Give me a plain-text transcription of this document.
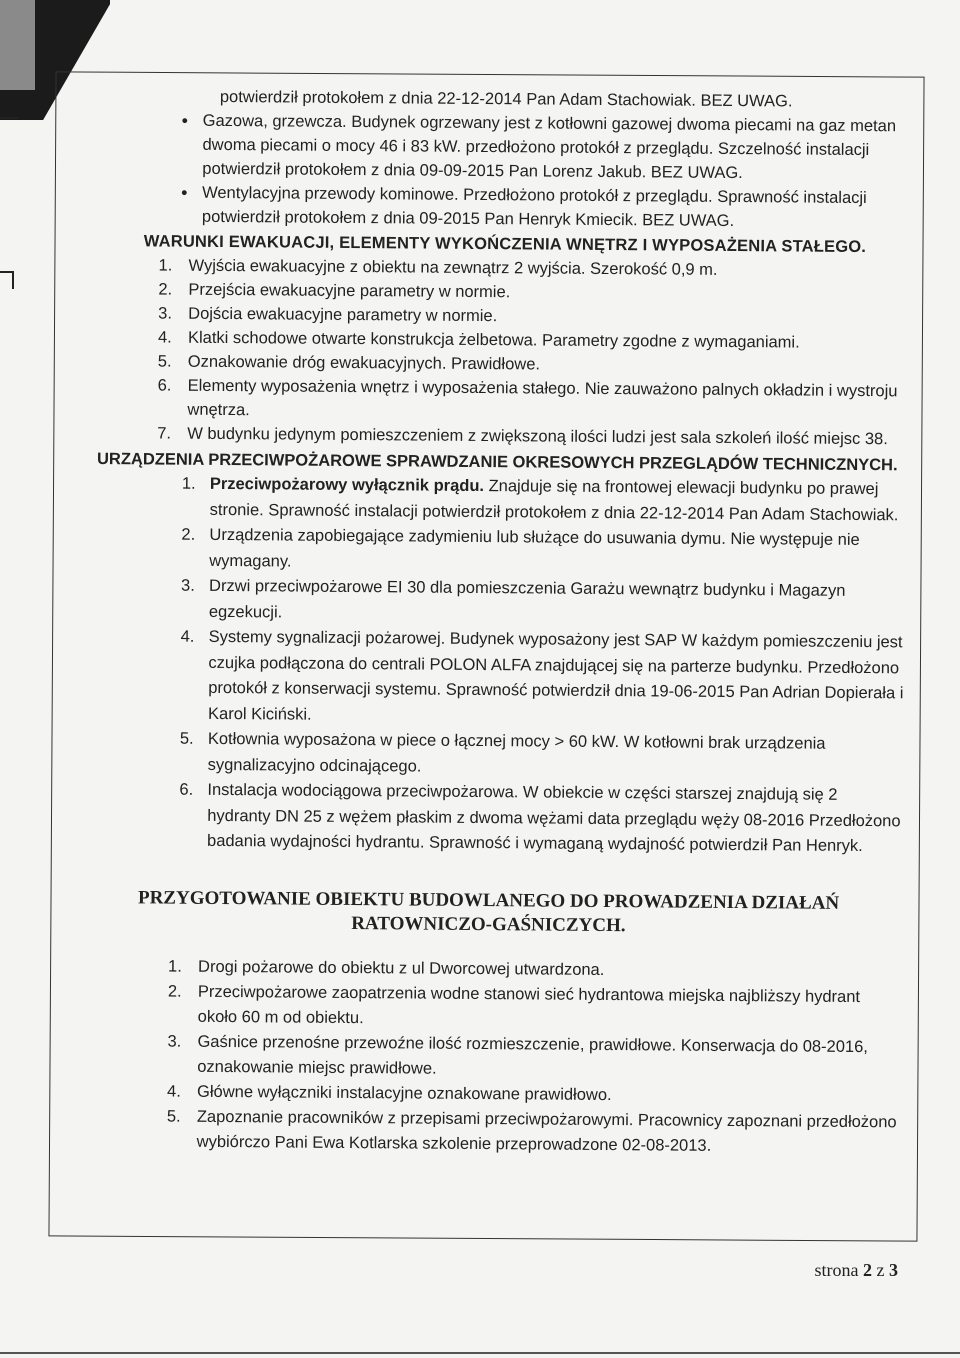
potwierdził protokołem z dnia 22-12-2014 Pan Adam Stachowiak. BEZ UWAG.
• Gazowa, grzewcza. Budynek ogrzewany jest z kotłowni gazowej dwoma piecami na gaz metan dwoma piecami o mocy 46 i 83 kW. przedłożono protokół z przeglądu. Szczelność instalacji potwierdził protokołem z dnia 09-09-2015 Pan Lorenz Jakub. BEZ UWAG.
• Wentylacyjna przewody kominowe. Przedłożono protokół z przeglądu. Sprawność instalacji potwierdził protokołem z dnia 09-2015 Pan Henryk Kmiecik. BEZ UWAG.
WARUNKI EWAKUACJI, ELEMENTY WYKOŃCZENIA WNĘTRZ I WYPOSAŻENIA STAŁEGO.
1. Wyjścia ewakuacyjne z obiektu na zewnątrz 2 wyjścia. Szerokość 0,9 m.
2. Przejścia ewakuacyjne parametry w normie.
3. Dojścia ewakuacyjne parametry w normie.
4. Klatki schodowe otwarte konstrukcja żelbetowa. Parametry zgodne z wymaganiami.
5. Oznakowanie dróg ewakuacyjnych. Prawidłowe.
6. Elementy wyposażenia wnętrz i wyposażenia stałego. Nie zauważono palnych okładzin i wystroju wnętrza.
7. W budynku jedynym pomieszczeniem z zwiększoną ilości ludzi jest sala szkoleń ilość miejsc 38.
URZĄDZENIA PRZECIWPOŻAROWE SPRAWDZANIE OKRESOWYCH PRZEGLĄDÓW TECHNICZNYCH.
1. Przeciwpożarowy wyłącznik prądu. Znajduje się na frontowej elewacji budynku po prawej stronie. Sprawność instalacji potwierdził protokołem z dnia 22-12-2014 Pan Adam Stachowiak.
2. Urządzenia zapobiegające zadymieniu lub służące do usuwania dymu. Nie występuje nie wymagany.
3. Drzwi przeciwpożarowe EI 30 dla pomieszczenia Garażu wewnątrz budynku i Magazyn egzekucji.
4. Systemy sygnalizacji pożarowej. Budynek wyposażony jest SAP W każdym pomieszczeniu jest czujka podłączona do centrali POLON ALFA znajdującej się na parterze budynku. Przedłożono protokół z konserwacji systemu. Sprawność potwierdził dnia 19-06-2015 Pan Adrian Dopierała i Karol Kiciński.
5. Kotłownia wyposażona w piece o łącznej mocy > 60 kW. W kotłowni brak urządzenia sygnalizacyjno odcinającego.
6. Instalacja wodociągowa przeciwpożarowa. W obiekcie w części starszej znajdują się 2 hydranty DN 25 z wężem płaskim z dwoma wężami data przeglądu węży 08-2016 Przedłożono badania wydajności hydrantu. Sprawność i wymaganą wydajność potwierdził Pan Henryk.
PRZYGOTOWANIE OBIEKTU BUDOWLANEGO DO PROWADZENIA DZIAŁAŃ
RATOWNICZO-GAŚNICZYCH.
1. Drogi pożarowe do obiektu z ul Dworcowej utwardzona.
2. Przeciwpożarowe zaopatrzenia wodne stanowi sieć hydrantowa miejska najbliższy hydrant około 60 m od obiektu.
3. Gaśnice przenośne przewoźne ilość rozmieszczenie, prawidłowe. Konserwacja do 08-2016, oznakowanie miejsc prawidłowe.
4. Główne wyłączniki instalacyjne oznakowane prawidłowo.
5. Zapoznanie pracowników z przepisami przeciwpożarowymi. Pracownicy zapoznani przedłożono wybiórczo Pani Ewa Kotlarska szkolenie przeprowadzone 02-08-2013.
strona 2 z 3
